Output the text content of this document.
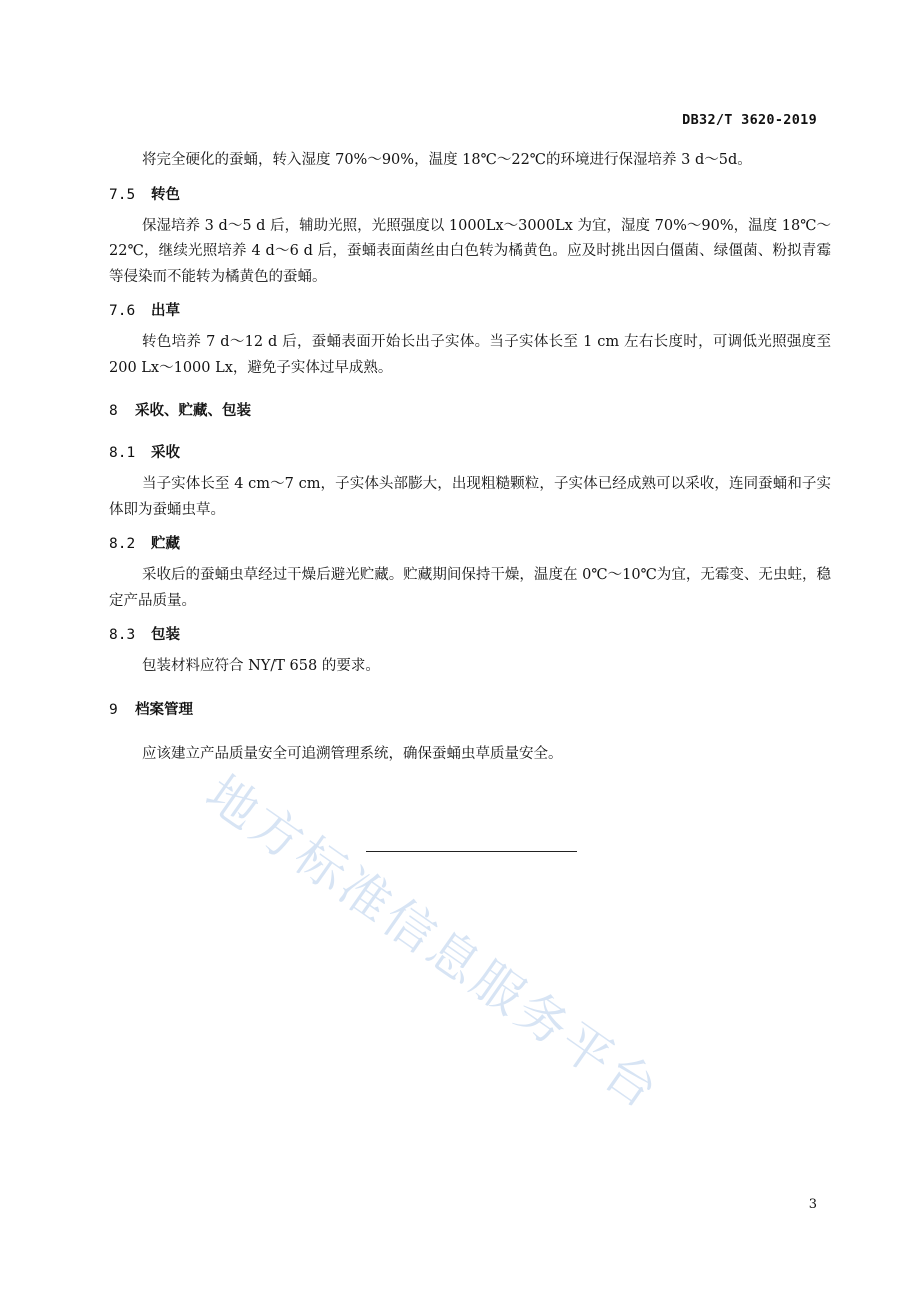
DB32/T 3620-2019

将完全硬化的蚕蛹，转入湿度 70%～90%，温度 18℃～22℃的环境进行保湿培养 3 d～5d。

7.5	转色

保湿培养 3 d～5 d 后，辅助光照，光照强度以 1000Lx～3000Lx 为宜，湿度 70%～90%，温度 18℃～22℃，继续光照培养 4 d～6 d 后，蚕蛹表面菌丝由白色转为橘黄色。应及时挑出因白僵菌、绿僵菌、粉拟青霉等侵染而不能转为橘黄色的蚕蛹。

7.6	出草

转色培养 7 d～12 d 后，蚕蛹表面开始长出子实体。当子实体长至 1 cm 左右长度时，可调低光照强度至 200 Lx～1000 Lx，避免子实体过早成熟。

8	采收、贮藏、包装
8.1	采收

当子实体长至 4 cm～7 cm，子实体头部膨大，出现粗糙颗粒，子实体已经成熟可以采收，连同蚕蛹和子实体即为蚕蛹虫草。

8.2	贮藏

采收后的蚕蛹虫草经过干燥后避光贮藏。贮藏期间保持干燥，温度在 0℃～10℃为宜，无霉变、无虫蛀，稳定产品质量。

8.3	包装

包装材料应符合 NY/T 658 的要求。

9	档案管理

应该建立产品质量安全可追溯管理系统，确保蚕蛹虫草质量安全。

地方标准信息服务平台
3
